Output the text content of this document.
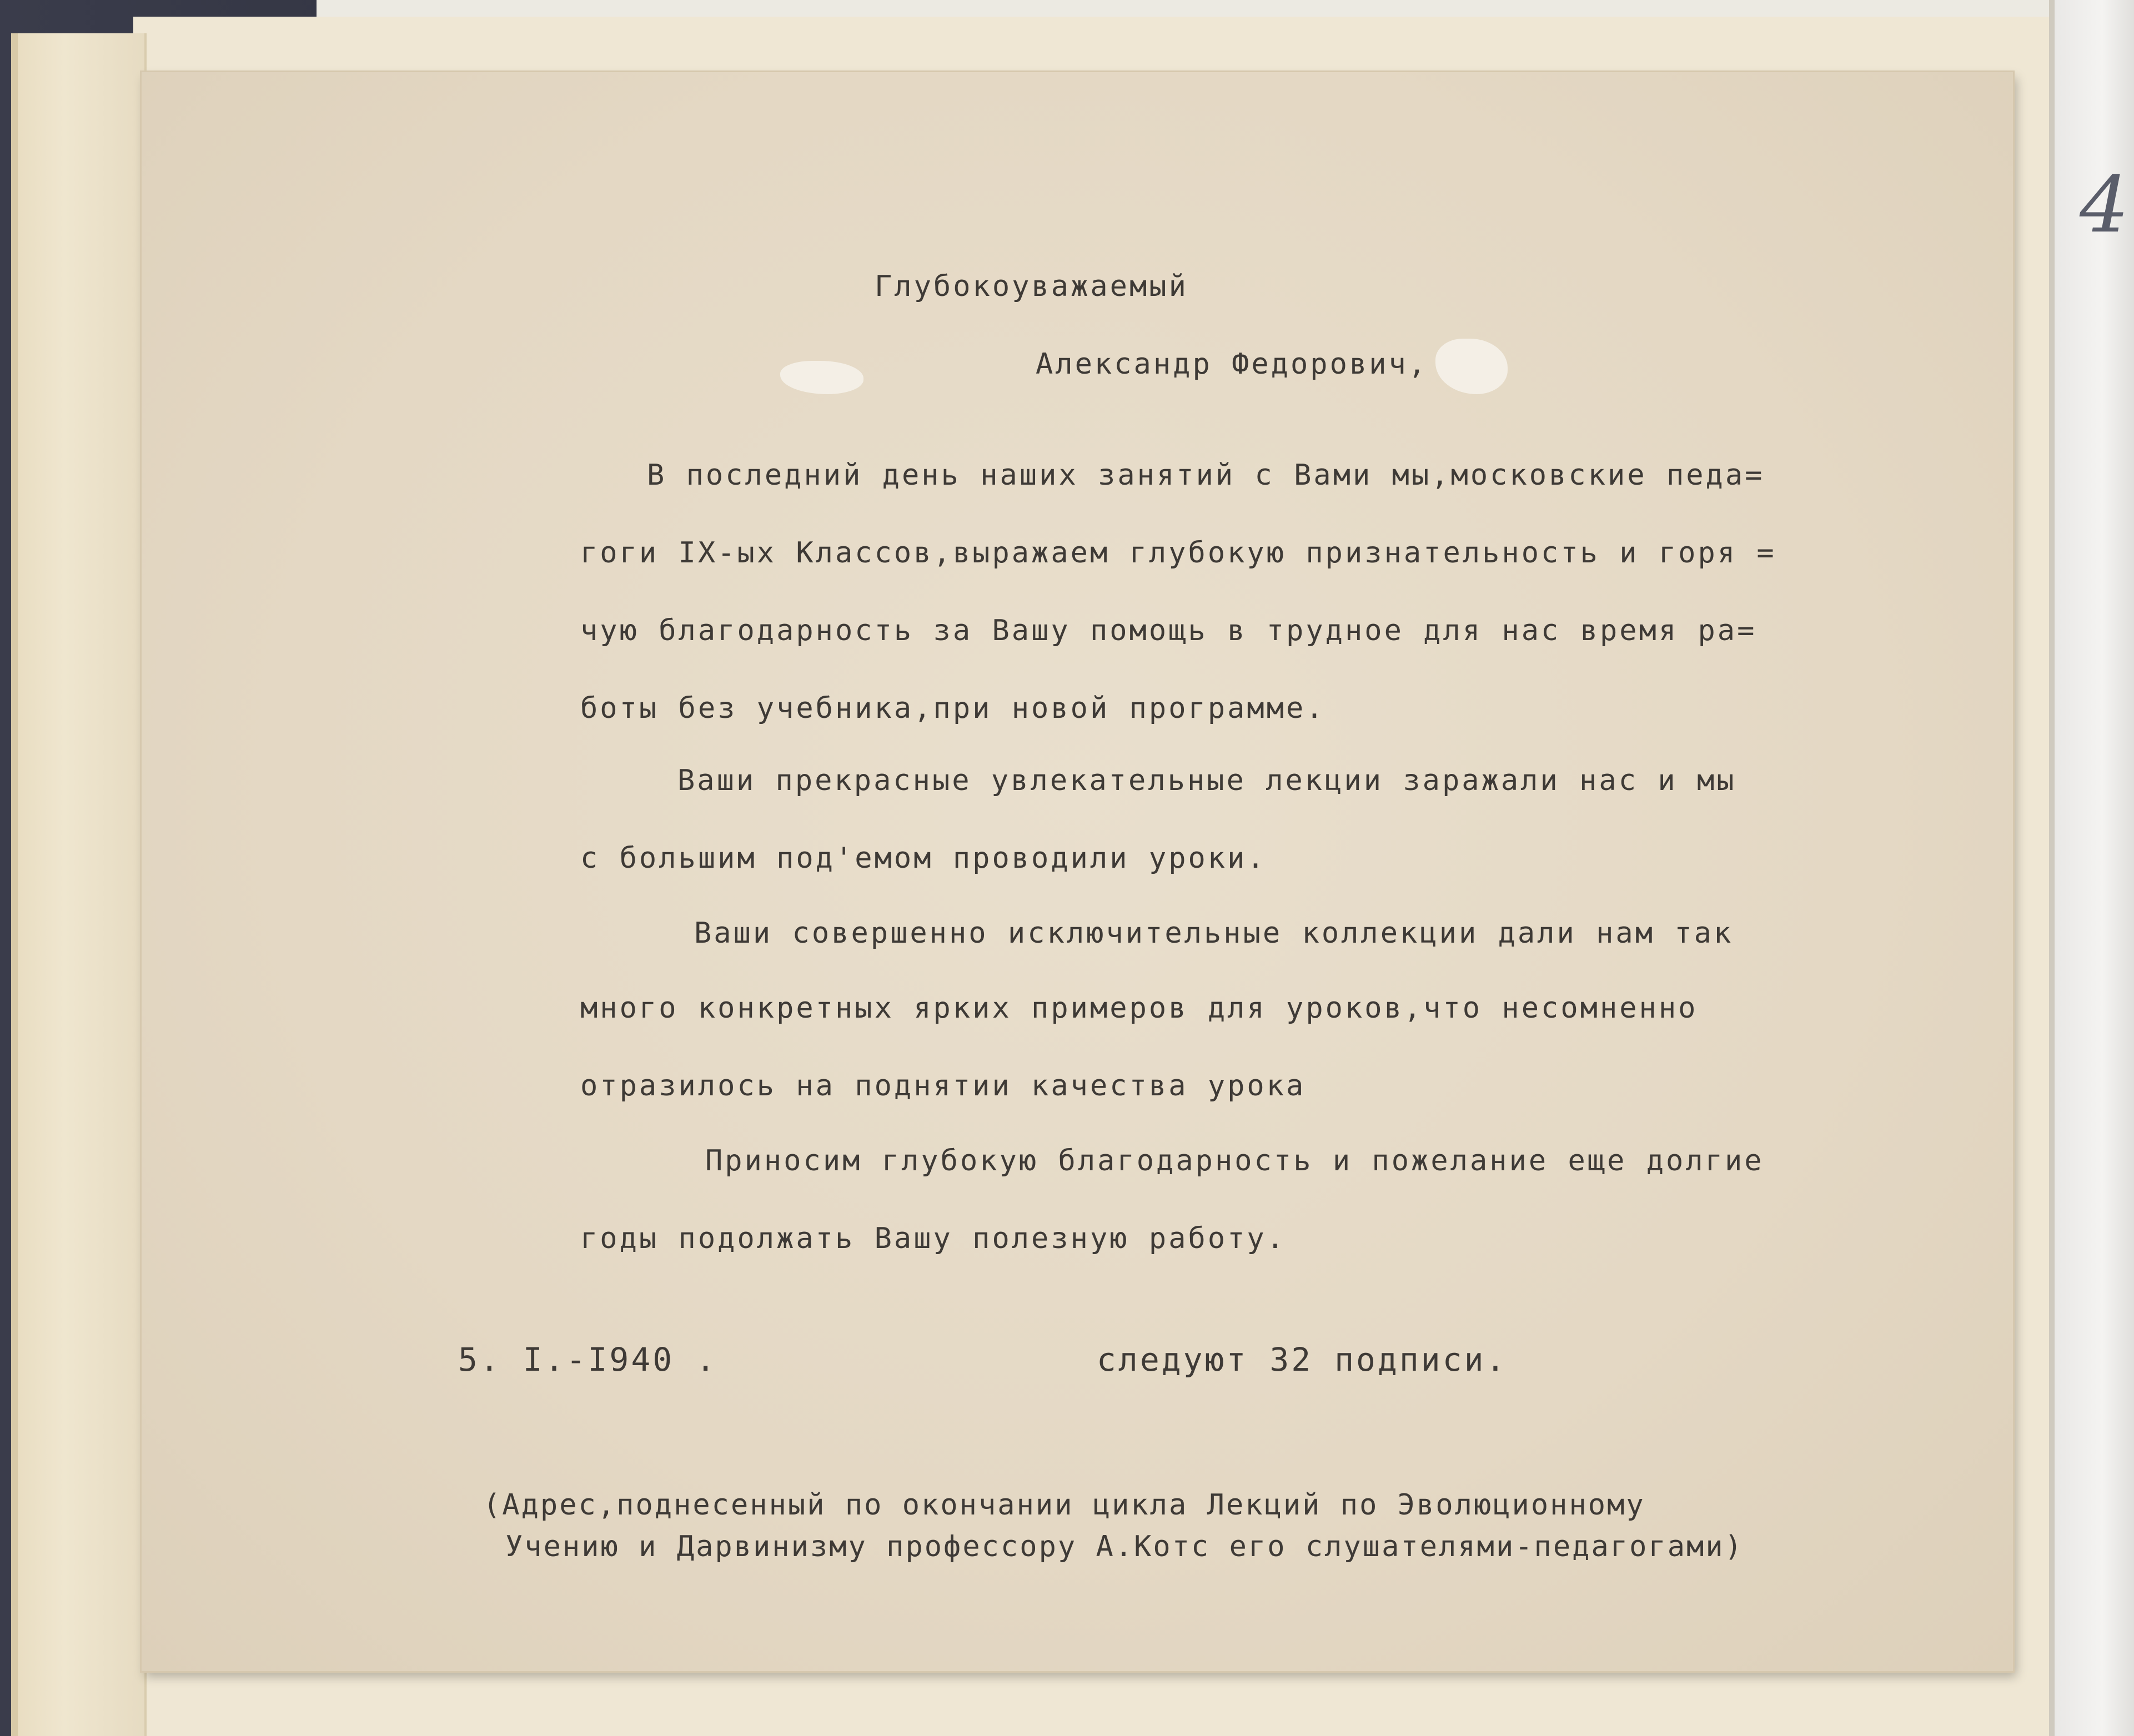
4
Глубокоуважаемый
Александр Федорович,
В последний день наших занятий с Вами мы,московские педа=
гоги IX-ых Классов,выражаем глубокую признательность и горя =
чую благодарность за Вашу помощь в трудное для нас время ра=
боты без учебника,при новой программе.
Ваши прекрасные увлекательные лекции заражали нас и мы
с большим под'емом проводили уроки.
Ваши совершенно исключительные коллекции дали нам так
много конкретных ярких примеров для уроков,что несомненно
отразилось на поднятии качества урока
Приносим глубокую благодарность и пожелание еще долгие
годы подолжать Вашу полезную работу.
5. I.-I940 .	следуют 32 подписи.
(Адрес,поднесенный по окончании цикла Лекций по Эволюционному
Учению и Дарвинизму профессору А.Котс его слушателями-педагогами)
